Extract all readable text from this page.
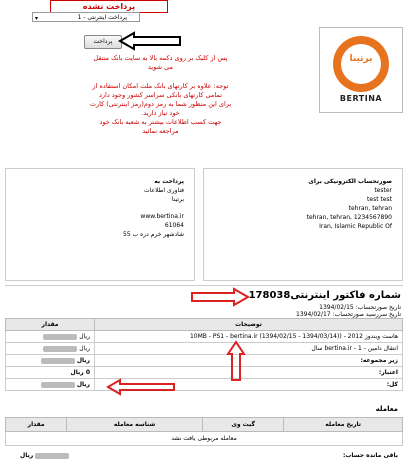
پرداخت نشده
پرداخت اینترنتی - 1
▾
پرداخت
پس از کلیک بر روی دکمه بالا به سایت بانک منتقل
می شوید
توجه: علاوه بر کارتهای بانک ملت امکان استفاده از
تمامی کارتهای بانکی سراسر کشور وجود دارد
برای این منظور شما به رمز دوم(رمز اینترنتی) کارت
خود نیاز دارید.
جهت کسب اطلاعات بیشتر به شعبه بانک خود
مراجعه نمائید
برتینا
BERTINA
پرداخت به
فناوری اطلاعات
برتینا
www.bertina.ir
61064
شادشهر خرم دره ب 55
صورتحساب الکترونیکی برای
tester
test test
tehran, tehran
tehran, tehran, 1234567890
Iran, Islamic Republic Of
شماره فاکتور اینترنتی178038
تاریخ صورتحساب: 1394/02/15
تاریخ سررسید صورتحساب: 1394/02/17
توضیحات	مقدار
هاست ویندوز 2012 - (10MB - PS1 - bertina.ir (1394/02/15 - 1394/03/14)	ریال
انتقال دامین - 1 - bertina.ir سال	ریال
زیر مجموعه:	ریال
اعتبار:	0 ریال
کل:	ریال
معامله
تاریخ معامله	گیت وی	شناسه معامله	مقدار
معامله مربوطی یافت نشد
باقی مانده حساب:
ریال
